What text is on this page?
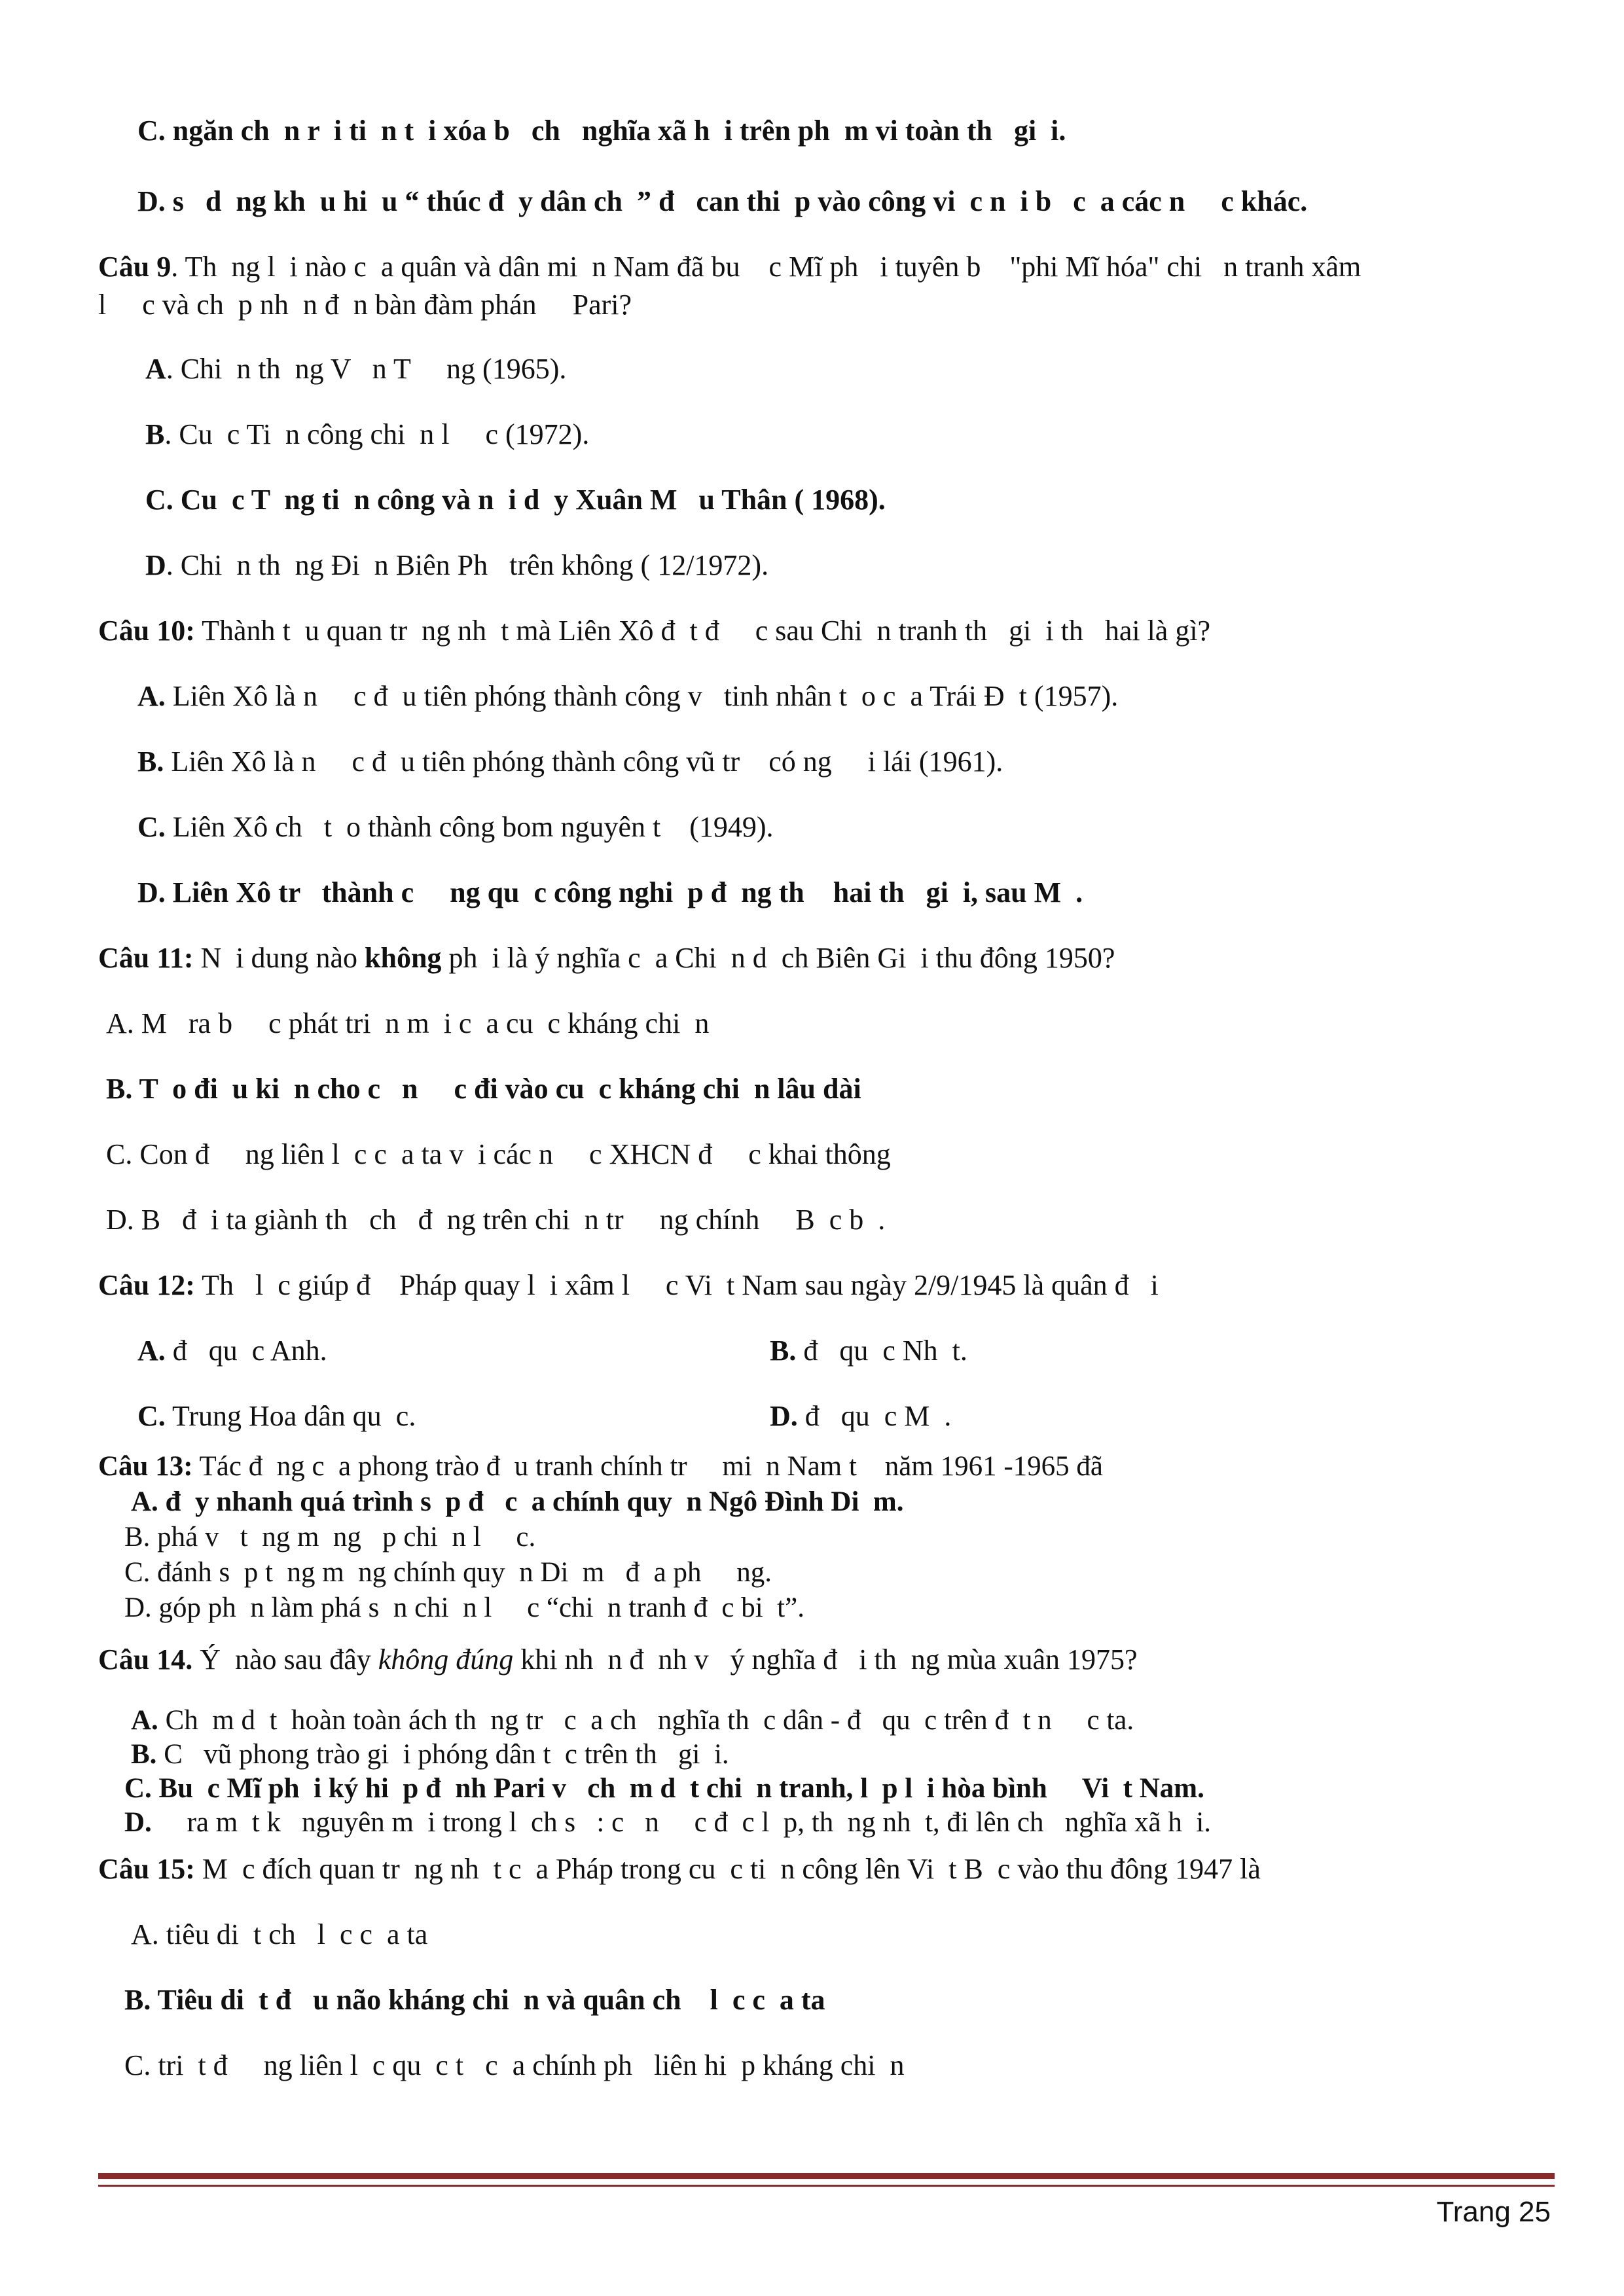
C. ngăn ch  n r  i ti  n t  i xóa b   ch   nghĩa xã h  i trên ph  m vi toàn th   gi  i.
D. s   d  ng kh  u hi  u “ thúc đ  y dân ch  ” đ   can thi  p vào công vi  c n  i b   c  a các n     c khác.
Câu 9. Th  ng l  i nào c  a quân và dân mi  n Nam đã bu    c Mĩ ph   i tuyên b    "phi Mĩ hóa" chi   n tranh xâm
l     c và ch  p nh  n đ  n bàn đàm phán     Pari?
A. Chi  n th  ng V   n T     ng (1965).
B. Cu  c Ti  n công chi  n l     c (1972).
C. Cu  c T  ng ti  n công và n  i d  y Xuân M   u Thân ( 1968).
D. Chi  n th  ng Đi  n Biên Ph   trên không ( 12/1972).
Câu 10: Thành t  u quan tr  ng nh  t mà Liên Xô đ  t đ     c sau Chi  n tranh th   gi  i th   hai là gì?
A. Liên Xô là n     c đ  u tiên phóng thành công v   tinh nhân t  o c  a Trái Đ  t (1957).
B. Liên Xô là n     c đ  u tiên phóng thành công vũ tr    có ng     i lái (1961).
C. Liên Xô ch   t  o thành công bom nguyên t    (1949).
D. Liên Xô tr   thành c     ng qu  c công nghi  p đ  ng th    hai th   gi  i, sau M  .
Câu 11: N  i dung nào không ph  i là ý nghĩa c  a Chi  n d  ch Biên Gi  i thu đông 1950?
A. M   ra b     c phát tri  n m  i c  a cu  c kháng chi  n
B. T  o đi  u ki  n cho c   n     c đi vào cu  c kháng chi  n lâu dài
C. Con đ     ng liên l  c c  a ta v  i các n     c XHCN đ     c khai thông
D. B   đ  i ta giành th   ch   đ  ng trên chi  n tr     ng chính     B  c b  .
Câu 12: Th   l  c giúp đ    Pháp quay l  i xâm l     c Vi  t Nam sau ngày 2/9/1945 là quân đ   i
A. đ   qu  c Anh.	B. đ   qu  c Nh  t.
C. Trung Hoa dân qu  c.	D. đ   qu  c M  .
Câu 13: Tác đ  ng c  a phong trào đ  u tranh chính tr     mi  n Nam t    năm 1961 -1965 đã
A. đ  y nhanh quá trình s  p đ   c  a chính quy  n Ngô Đình Di  m.
B. phá v   t  ng m  ng   p chi  n l     c.
C. đánh s  p t  ng m  ng chính quy  n Di  m   đ  a ph     ng.
D. góp ph  n làm phá s  n chi  n l     c “chi  n tranh đ  c bi  t”.
Câu 14. Ý  nào sau đây không đúng khi nh  n đ  nh v   ý nghĩa đ   i th  ng mùa xuân 1975?
A. Ch  m d  t  hoàn toàn ách th  ng tr   c  a ch   nghĩa th  c dân - đ   qu  c trên đ  t n     c ta.
B. C   vũ phong trào gi  i phóng dân t  c trên th   gi  i.
C. Bu  c Mĩ ph  i ký hi  p đ  nh Pari v   ch  m d  t chi  n tranh, l  p l  i hòa bình     Vi  t Nam.
D.     ra m  t k   nguyên m  i trong l  ch s   : c   n     c đ  c l  p, th  ng nh  t, đi lên ch   nghĩa xã h  i.
Câu 15: M  c đích quan tr  ng nh  t c  a Pháp trong cu  c ti  n công lên Vi  t B  c vào thu đông 1947 là
A. tiêu di  t ch   l  c c  a ta
B. Tiêu di  t đ   u não kháng chi  n và quân ch    l  c c  a ta
C. tri  t đ     ng liên l  c qu  c t   c  a chính ph   liên hi  p kháng chi  n
Trang 25
